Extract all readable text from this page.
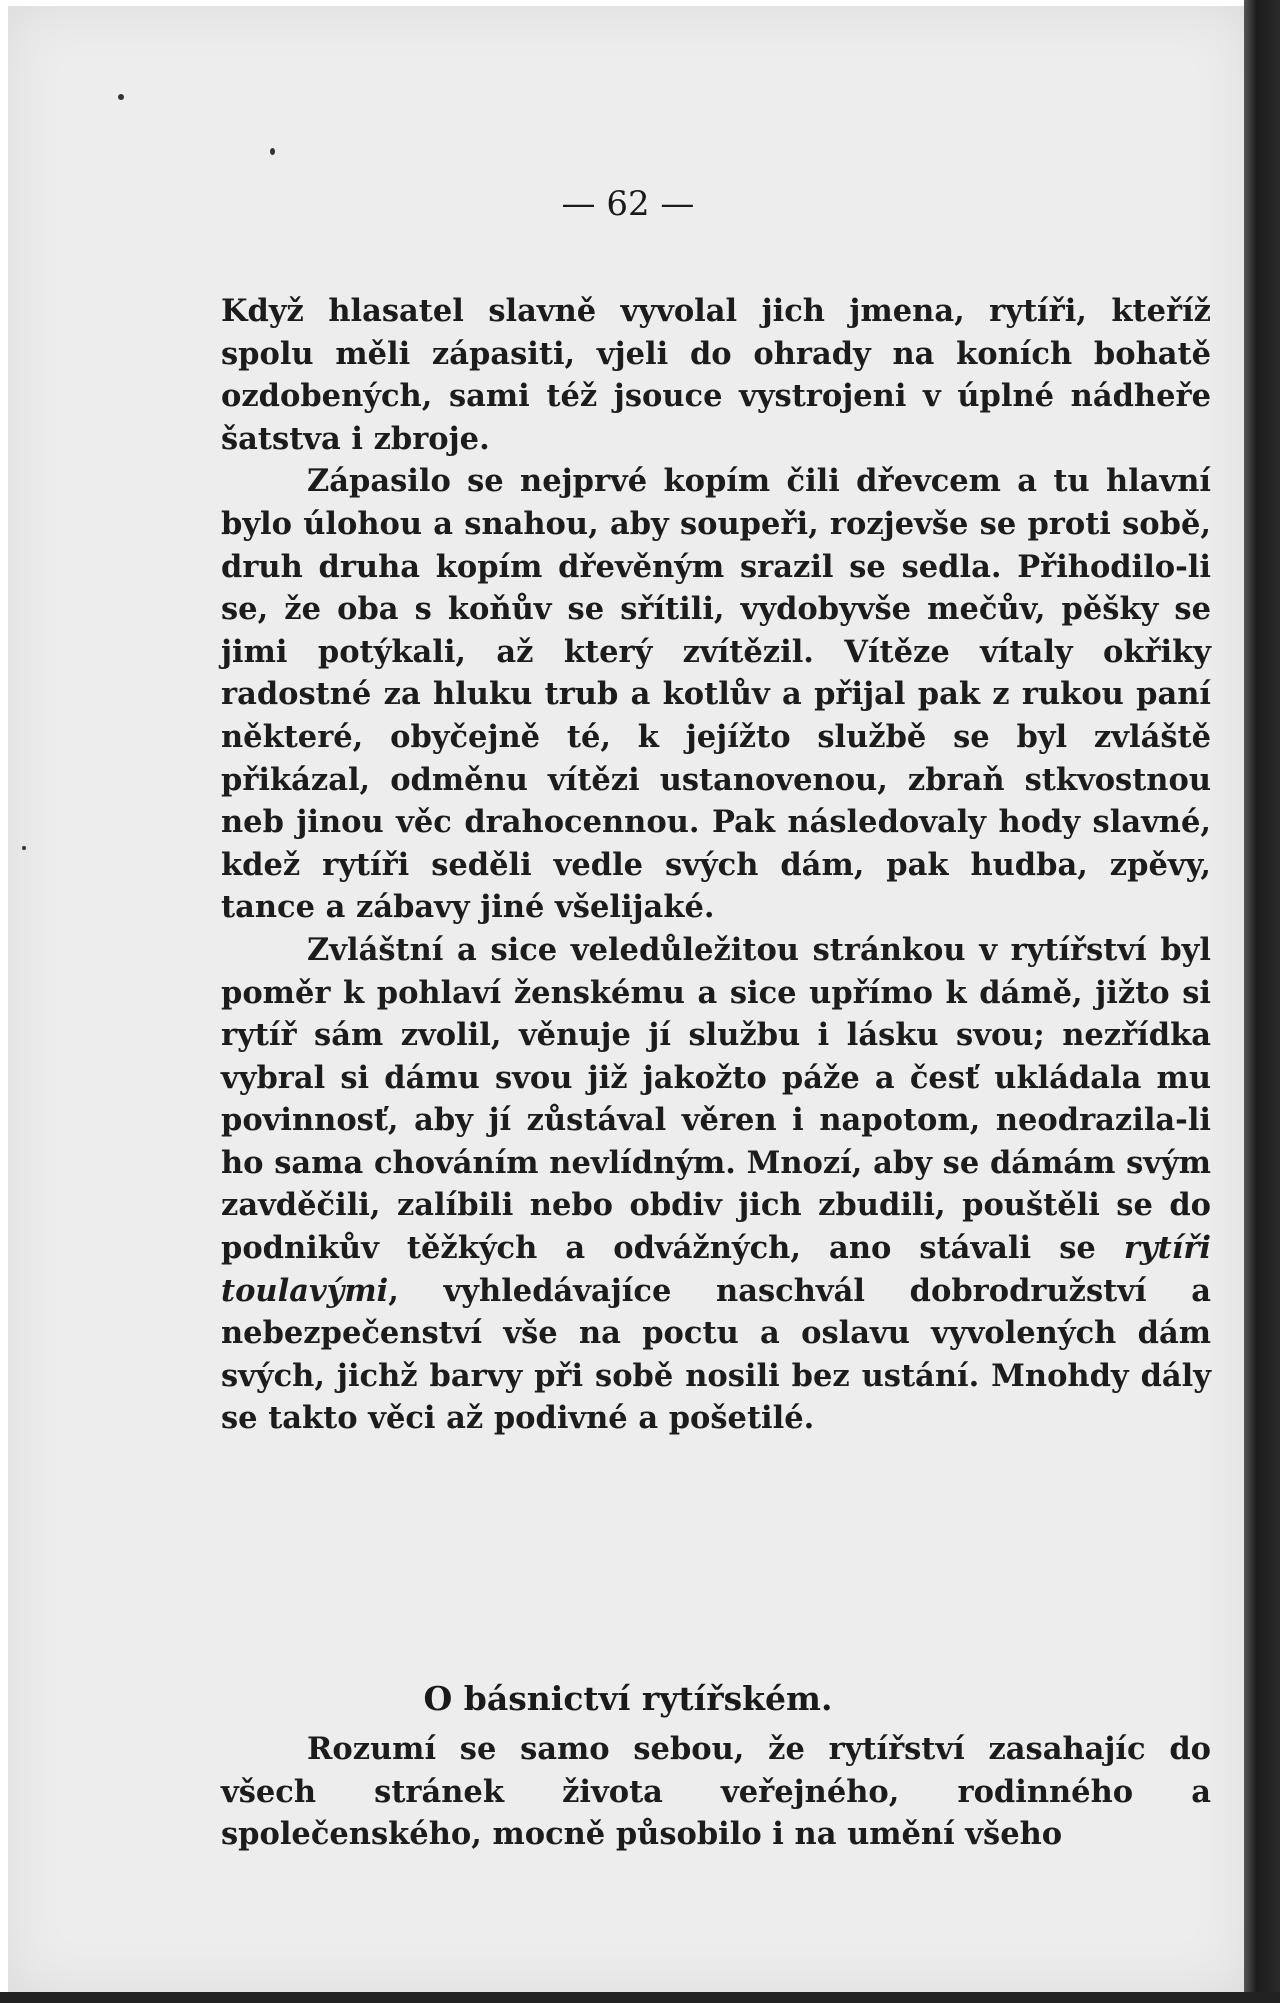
— 62 —

Když hlasatel slavně vyvolal jich jmena, rytíři, kteříž spolu měli zápasiti, vjeli do ohrady na koních bohatě ozdobených, sami též jsouce vystrojeni v úplné nádheře šatstva i zbroje.

Zápasilo se nejprvé kopím čili dřevcem a tu hlavní bylo úlohou a snahou, aby soupeři, rozjevše se proti sobě, druh druha kopím dřevěným srazil se sedla. Přihodilo-li se, že oba s koňův se sřítili, vydobyvše mečův, pěšky se jimi potýkali, až který zvítězil. Vítěze vítaly okřiky radostné za hluku trub a kotlův a přijal pak z rukou paní některé, obyčejně té, k jejížto službě se byl zvláště přikázal, odměnu vítězi ustanovenou, zbraň stkvostnou neb jinou věc drahocennou. Pak následovaly hody slavné, kdež rytíři seděli vedle svých dám, pak hudba, zpěvy, tance a zábavy jiné všelijaké.

Zvláštní a sice veledůležitou stránkou v rytířství byl poměr k pohlaví ženskému a sice upřímo k dámě, jižto si rytíř sám zvolil, věnuje jí službu i lásku svou; nezřídka vybral si dámu svou již jakožto páže a česť ukládala mu povinnosť, aby jí zůstával věren i napotom, neodrazila-li ho sama chováním nevlídným. Mnozí, aby se dámám svým zavděčili, zalíbili nebo obdiv jich zbudili, pouštěli se do podnikův těžkých a odvážných, ano stávali se rytíři toulavými, vyhledávajíce naschvál dobrodružství a nebezpečenství vše na poctu a oslavu vyvolených dám svých, jichž barvy při sobě nosili bez ustání. Mnohdy dály se takto věci až podivné a pošetilé.

O básnictví rytířském.

Rozumí se samo sebou, že rytířství zasahajíc do všech stránek života veřejného, rodinného a společenského, mocně působilo i na umění všeho
